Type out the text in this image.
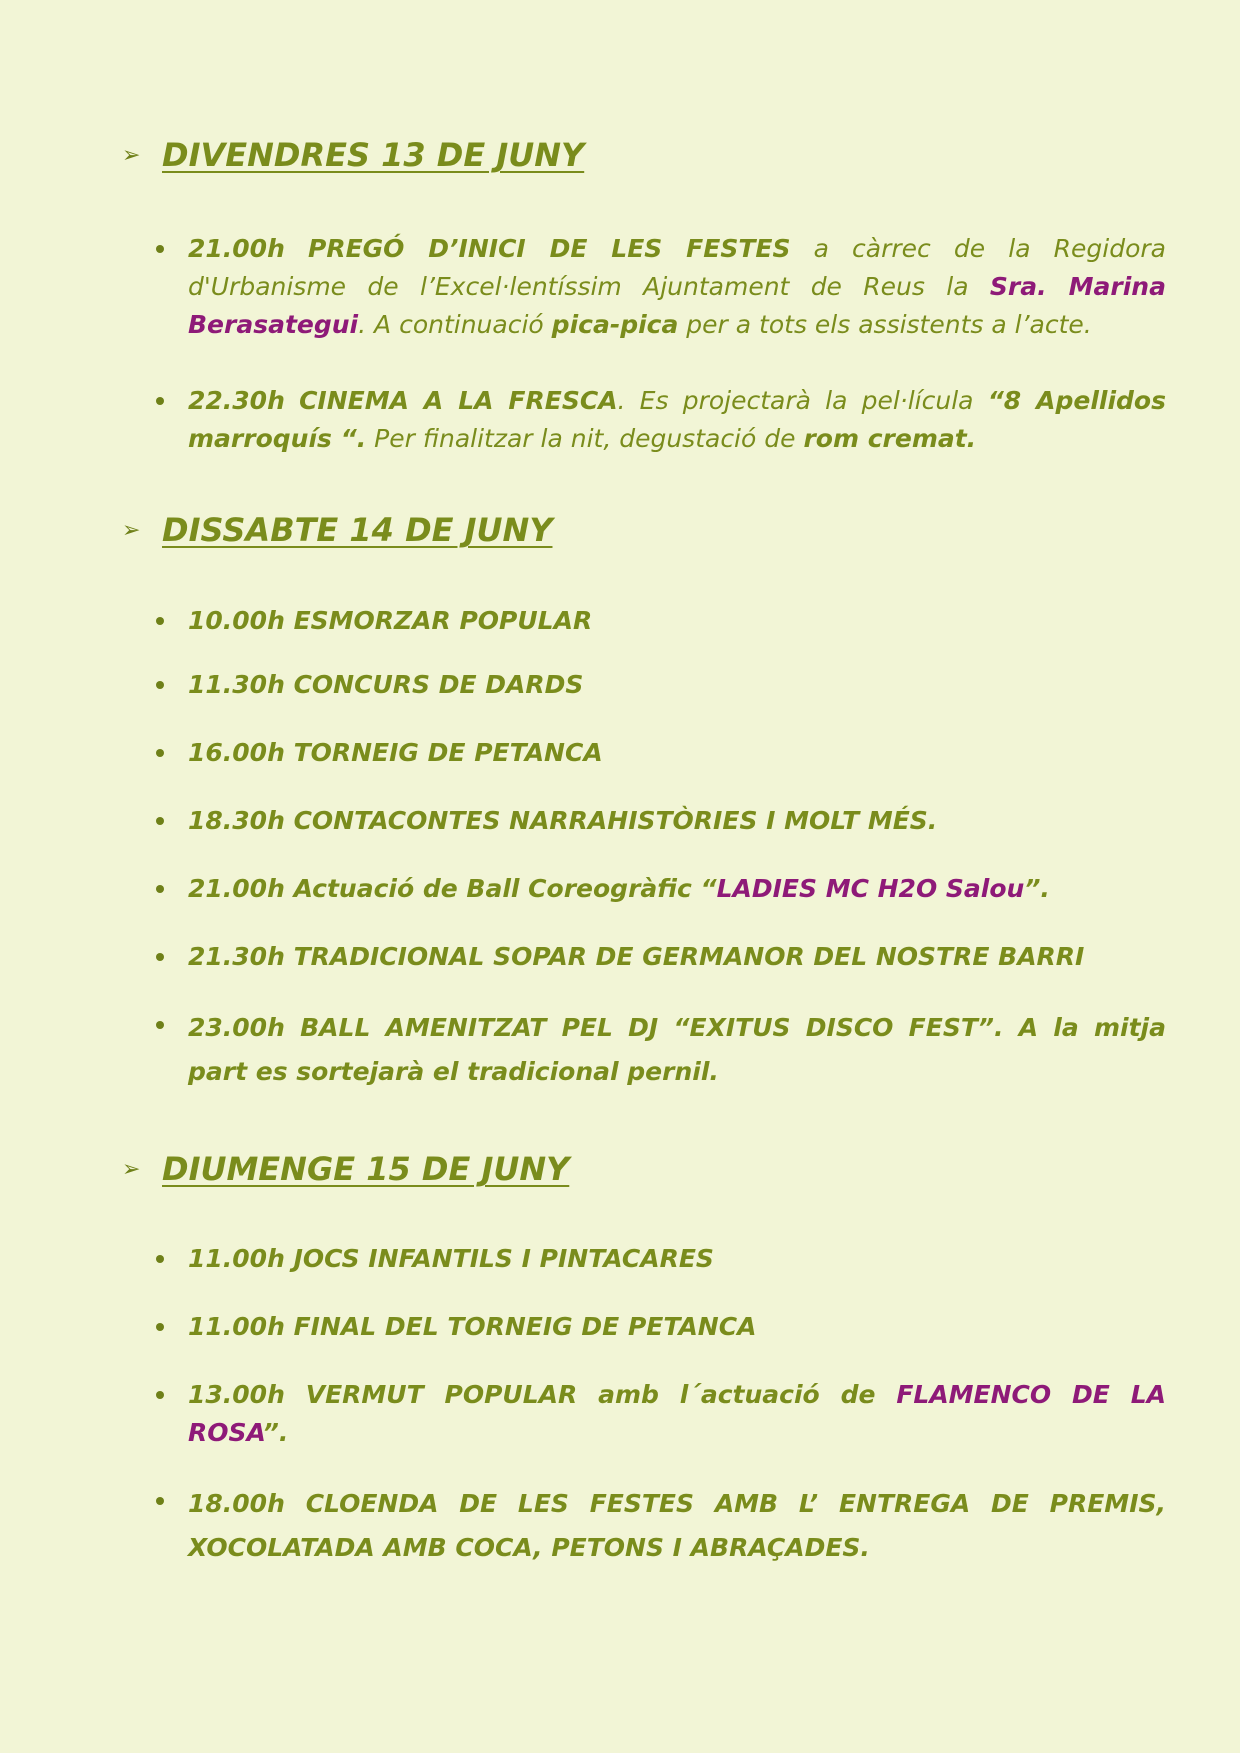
➢ DIVENDRES 13 DE JUNY
21.00h PREGÓ D’INICI DE LES FESTES a càrrec de la Regidora d'Urbanisme de l’Excel·lentíssim Ajuntament de Reus la Sra. Marina Berasategui. A continuació pica-pica per a tots els assistents a l’acte.
22.30h CINEMA A LA FRESCA. Es projectarà la pel·lícula “8 Apellidos marroquís “. Per finalitzar la nit, degustació de rom cremat.
➢ DISSABTE 14 DE JUNY
10.00h ESMORZAR POPULAR
11.30h CONCURS DE DARDS
16.00h TORNEIG DE PETANCA
18.30h CONTACONTES NARRAHISTÒRIES I MOLT MÉS.
21.00h Actuació de Ball Coreogràfic “LADIES MC H2O Salou”.
21.30h TRADICIONAL SOPAR DE GERMANOR DEL NOSTRE BARRI
23.00h BALL AMENITZAT PEL DJ “EXITUS DISCO FEST”. A la mitja part es sortejarà el tradicional pernil.
➢ DIUMENGE 15 DE JUNY
11.00h JOCS INFANTILS I PINTACARES
11.00h FINAL DEL TORNEIG DE PETANCA
13.00h VERMUT POPULAR amb l´actuació de FLAMENCO DE LA ROSA”.
18.00h CLOENDA DE LES FESTES AMB L’ ENTREGA DE PREMIS, XOCOLATADA AMB COCA, PETONS I ABRAÇADES.
